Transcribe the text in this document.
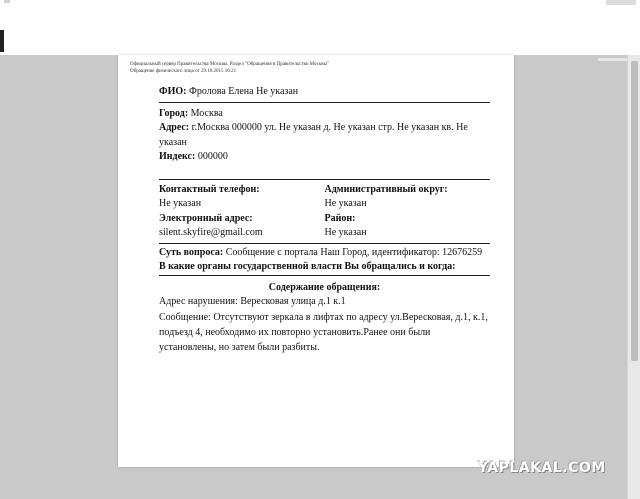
Официальный сервер Правительства Москвы. Раздел "Обращения в Правительство Москвы"
Обращение физического лица от 29.10.2015 16:21
ФИО: Фролова Елена Не указан
Город: Москва
Адрес: г.Москва 000000 ул. Не указан д. Не указан стр. Не указан кв. Не указан
Индекс: 000000
Контактный телефон:
Не указан
Электронный адрес:
silent.skyfire@gmail.com
Административный округ:
Не указан
Район:
Не указан
Суть вопроса: Сообщение с портала Наш Город, идентификатор: 12676259
В какие органы государственной власти Вы обращались и когда:
Содержание обращения:
Адрес нарушения: Вересковая улица д.1 к.1
Сообщение: Отсутствуют зеркала в лифтах по адресу ул.Вересковая, д.1, к.1, подъезд 4, необходимо их повторно установить.Ранее они были установлены, но затем были разбиты.
YAPLAKAL.COM
